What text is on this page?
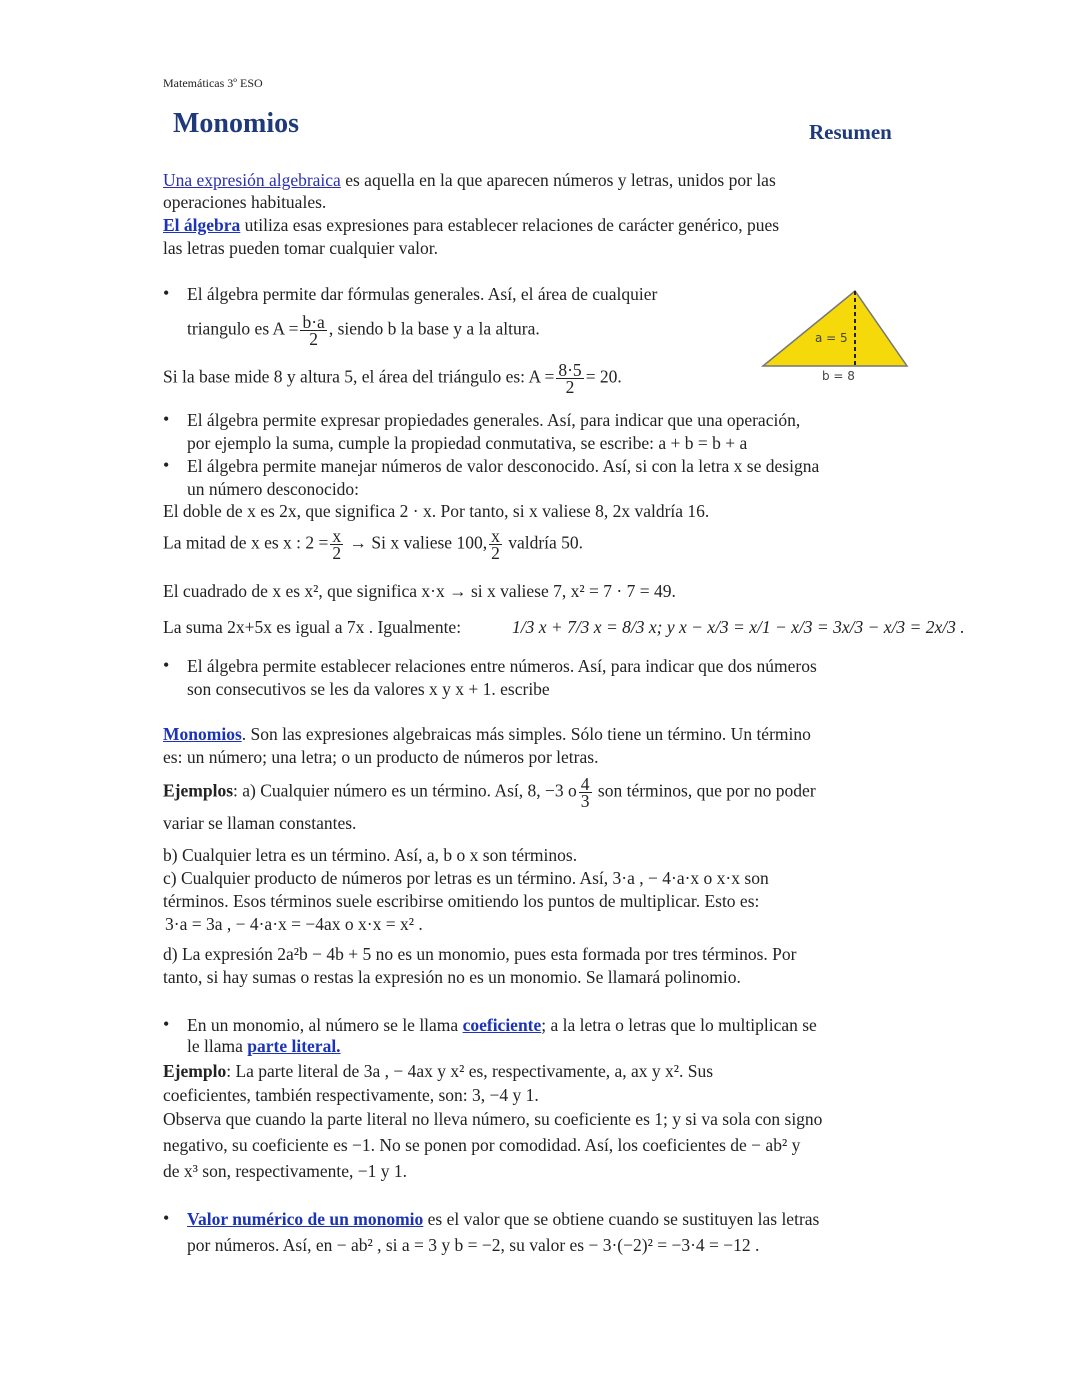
Matemáticas 3º ESO
Monomios	Resumen
Una expresión algebraica es aquella en la que aparecen números y letras, unidos por las
operaciones habituales.
El álgebra utiliza esas expresiones para establecer relaciones de carácter genérico, pues
las letras pueden tomar cualquier valor.
• El álgebra permite dar fórmulas generales. Así, el área de cualquier
triangulo es $A = \frac{b\cdot a}{2}$ , siendo b la base y a la altura.	a = 5
b = 8
Si la base mide 8 y altura 5, el área del triángulo es: $A = \frac{8\cdot 5}{2} = 20$.
• El álgebra permite expresar propiedades generales. Así, para indicar que una operación,
por ejemplo la suma, cumple la propiedad conmutativa, se escribe: a + b = b + a
• El álgebra permite manejar números de valor desconocido. Así, si con la letra x se designa
un número desconocido:
El doble de x es 2x, que significa 2 · x. Por tanto, si x valiese 8, 2x valdría 16.
La mitad de x es x : $2 = \frac{x}{2} \to Si$ x valiese 100, $\frac{x}{2}$ valdría 50.
El cuadrado de x es x², que significa x·x → si x valiese 7, x² = 7 · 7 = 49.
La suma 2x+5x es igual a 7x . Igualmente:	1/3 x + 7/3 x = 8/3 x; y x − x/3 = x/1 − x/3 = 3x/3 − x/3 = 2x/3 .
• El álgebra permite establecer relaciones entre números. Así, para indicar que dos números
son consecutivos se les da valores x y x + 1. escribe
Monomios. Son las expresiones algebraicas más simples. Sólo tiene un término. Un término
es: un número; una letra; o un producto de números por letras.
Ejemplos: a) Cualquier número es un término. Así, 8, −3 o $\frac{4}{3}$ son términos, que por no poder
variar se llaman constantes.
b) Cualquier letra es un término. Así, a, b o x son términos.
c) Cualquier producto de números por letras es un término. Así, 3·a , − 4·a·x o x·x son
términos. Esos términos suele escribirse omitiendo los puntos de multiplicar. Esto es:
3·a = 3a , − 4·a·x = −4ax o x·x = x² .
d) La expresión 2a²b − 4b + 5 no es un monomio, pues esta formada por tres términos. Por
tanto, si hay sumas o restas la expresión no es un monomio. Se llamará polinomio.
• En un monomio, al número se le llama coeficiente; a la letra o letras que lo multiplican se
le llama parte literal.
Ejemplo: La parte literal de 3a , − 4ax y x² es, respectivamente, a, ax y x². Sus
coeficientes, también respectivamente, son: 3, −4 y 1.
Observa que cuando la parte literal no lleva número, su coeficiente es 1; y si va sola con signo
negativo, su coeficiente es −1. No se ponen por comodidad. Así, los coeficientes de − ab² y
de x³ son, respectivamente, −1 y 1.
• Valor numérico de un monomio es el valor que se obtiene cuando se sustituyen las letras
por números. Así, en − ab² , si a = 3 y b = −2, su valor es − 3·(−2)² = −3·4 = −12 .
